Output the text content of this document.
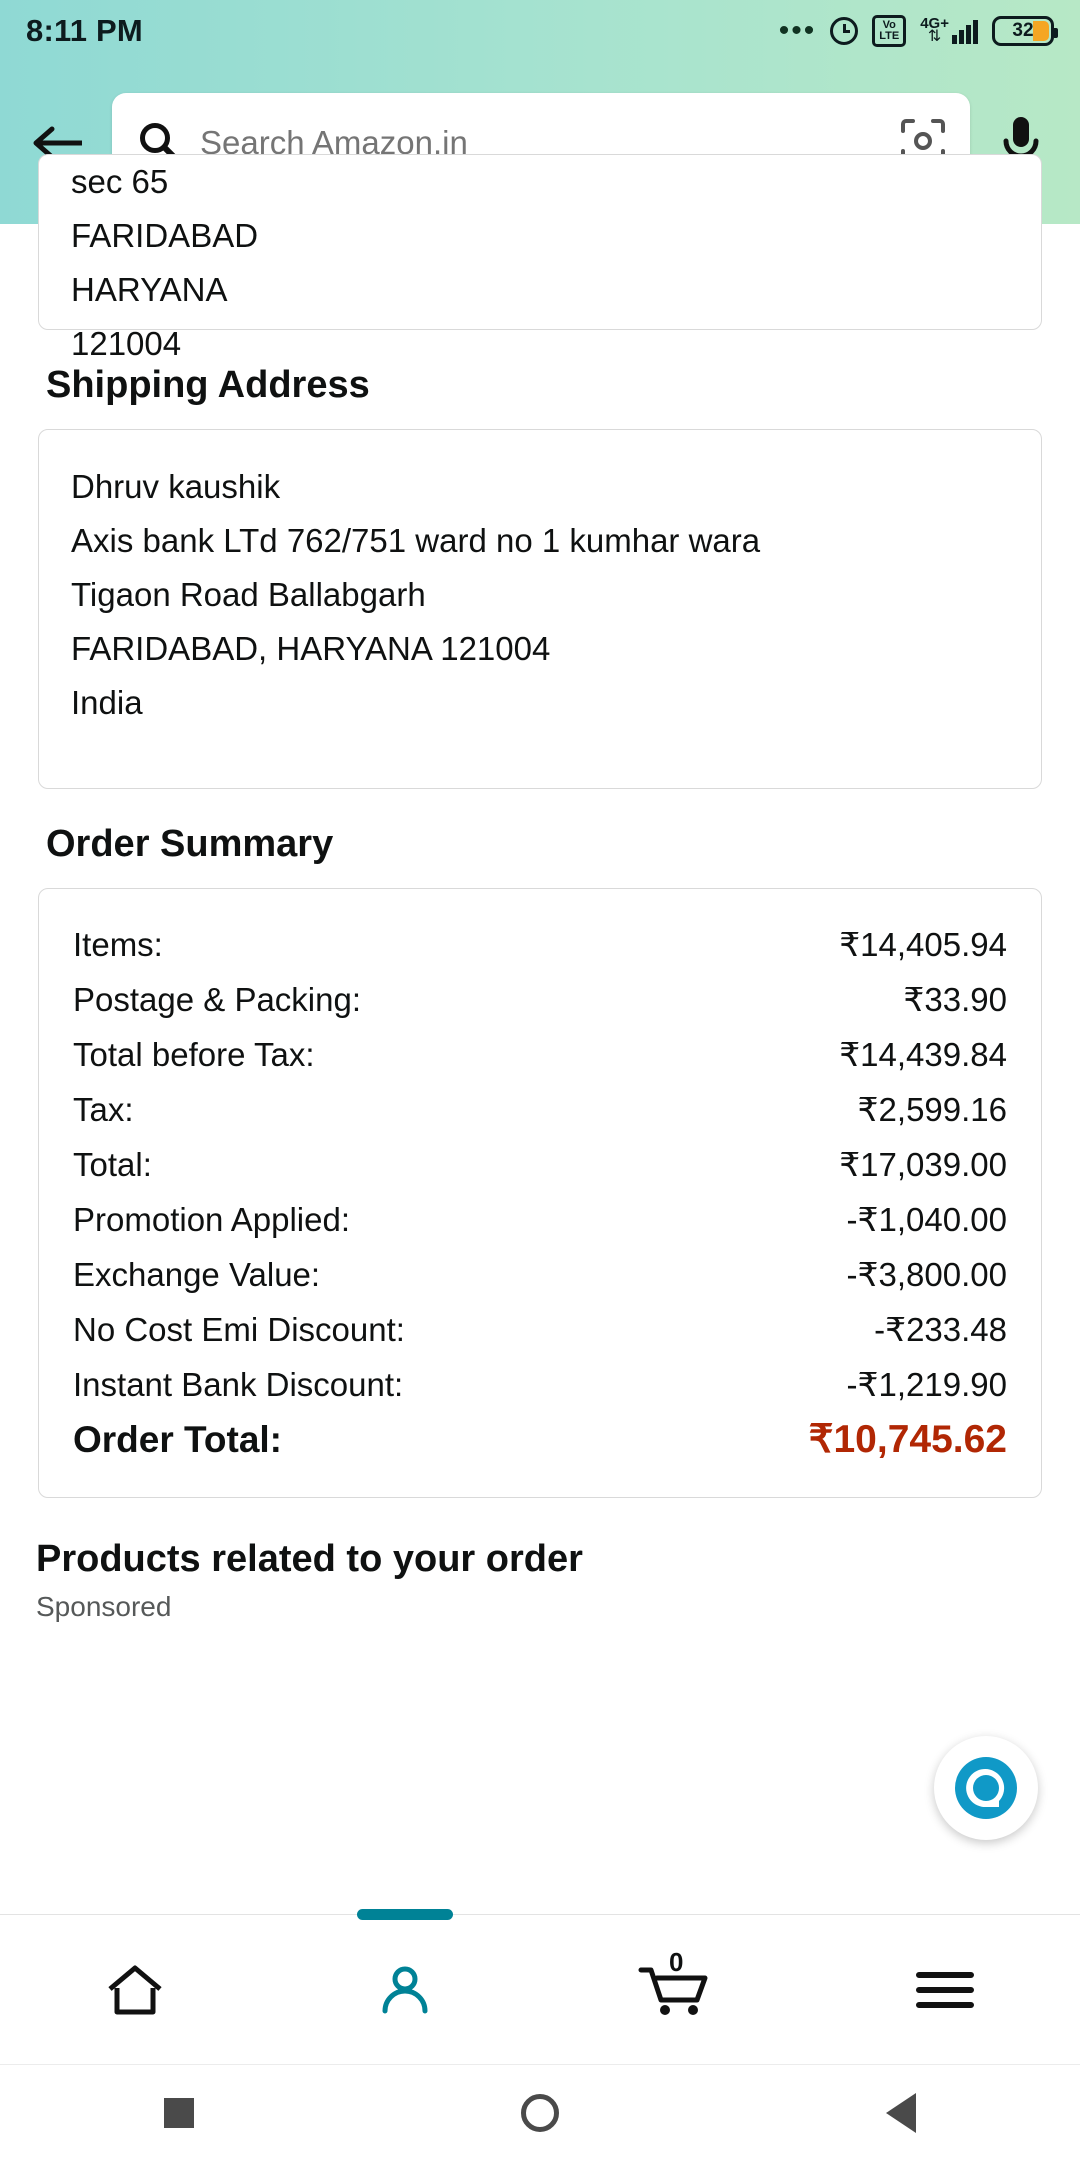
8:11 PM	•••	Vo
LTE
4G+
⇅	32
Search Amazon.in
sec 65
FARIDABAD
HARYANA
121004
Shipping Address
Dhruv kaushik
Axis bank LTd 762/751 ward no 1 kumhar wara
Tigaon Road Ballabgarh
FARIDABAD, HARYANA 121004
India
Order Summary
Items:	₹14,405.94
Postage & Packing:	₹33.90
Total before Tax:	₹14,439.84
Tax:	₹2,599.16
Total:	₹17,039.00
Promotion Applied:	-₹1,040.00
Exchange Value:	-₹3,800.00
No Cost Emi Discount:	-₹233.48
Instant Bank Discount:	-₹1,219.90
Order Total:	₹10,745.62
Products related to your order
Sponsored
0
